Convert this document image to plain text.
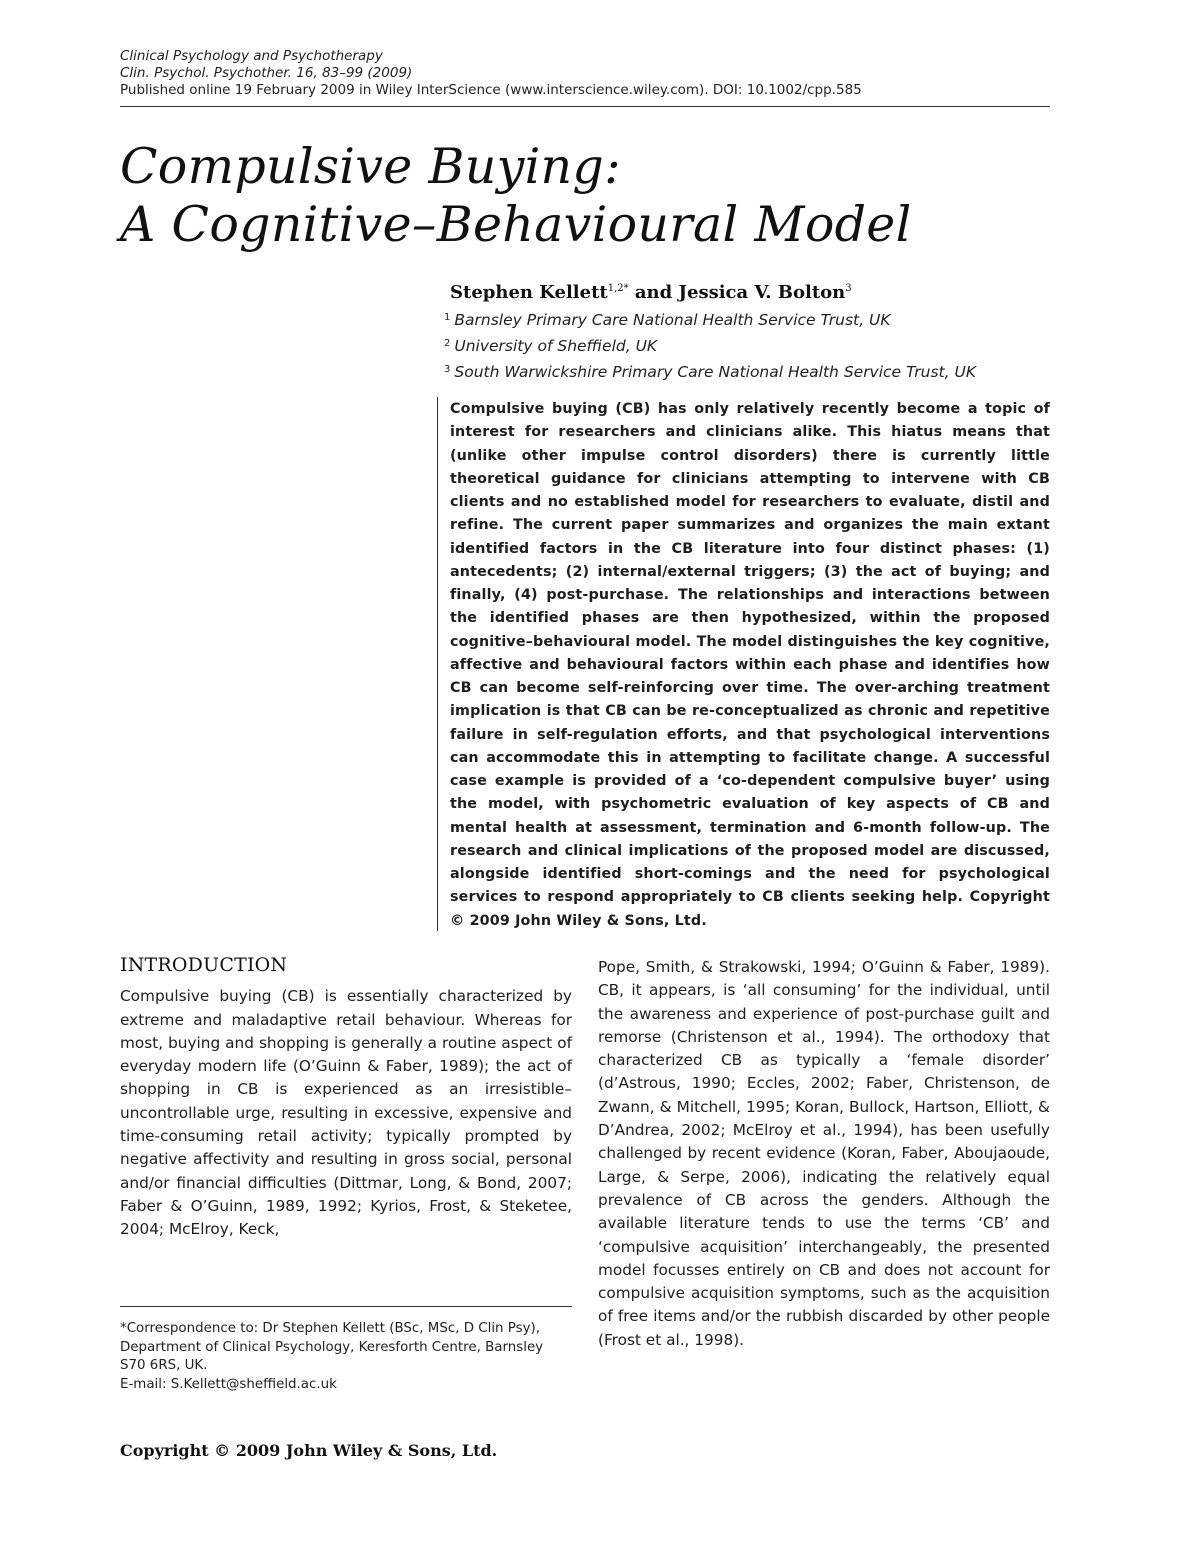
Clinical Psychology and Psychotherapy
Clin. Psychol. Psychother. 16, 83–99 (2009)
Published online 19 February 2009 in Wiley InterScience (www.interscience.wiley.com). DOI: 10.1002/cpp.585
Compulsive Buying:
A Cognitive–Behavioural Model
Stephen Kellett$^{1,2*}$ and Jessica V. Bolton$^3$
$^1$ Barnsley Primary Care National Health Service Trust, UK
$^2$ University of Sheffield, UK
$^3$ South Warwickshire Primary Care National Health Service Trust, UK
Compulsive buying (CB) has only relatively recently become a topic of interest for researchers and clinicians alike. This hiatus means that (unlike other impulse control disorders) there is currently little theoretical guidance for clinicians attempting to intervene with CB clients and no established model for researchers to evaluate, distil and refine. The current paper summarizes and organizes the main extant identified factors in the CB literature into four distinct phases: (1) antecedents; (2) internal/external triggers; (3) the act of buying; and finally, (4) post-purchase. The relationships and interactions between the identified phases are then hypothesized, within the proposed cognitive–behavioural model. The model distinguishes the key cognitive, affective and behavioural factors within each phase and identifies how CB can become self-reinforcing over time. The over-arching treatment implication is that CB can be re-conceptualized as chronic and repetitive failure in self-regulation efforts, and that psychological interventions can accommodate this in attempting to facilitate change. A successful case example is provided of a ‘co-dependent compulsive buyer’ using the model, with psychometric evaluation of key aspects of CB and mental health at assessment, termination and 6-month follow-up. The research and clinical implications of the proposed model are discussed, alongside identified short-comings and the need for psychological services to respond appropriately to CB clients seeking help. Copyright © 2009 John Wiley & Sons, Ltd.
INTRODUCTION

Compulsive buying (CB) is essentially characterized by extreme and maladaptive retail behaviour. Whereas for most, buying and shopping is generally a routine aspect of everyday modern life (O’Guinn & Faber, 1989); the act of shopping in CB is experienced as an irresistible–uncontrollable urge, resulting in excessive, expensive and time-consuming retail activity; typically prompted by negative affectivity and resulting in gross social, personal and/or financial difficulties (Dittmar, Long, & Bond, 2007; Faber & O’Guinn, 1989, 1992; Kyrios, Frost, & Steketee, 2004; McElroy, Keck,

Pope, Smith, & Strakowski, 1994; O’Guinn & Faber, 1989). CB, it appears, is ‘all consuming’ for the individual, until the awareness and experience of post-purchase guilt and remorse (Christenson et al., 1994). The orthodoxy that characterized CB as typically a ‘female disorder’ (d’Astrous, 1990; Eccles, 2002; Faber, Christenson, de Zwann, & Mitchell, 1995; Koran, Bullock, Hartson, Elliott, & D’Andrea, 2002; McElroy et al., 1994), has been usefully challenged by recent evidence (Koran, Faber, Aboujaoude, Large, & Serpe, 2006), indicating the relatively equal prevalence of CB across the genders. Although the available literature tends to use the terms ‘CB’ and ‘compulsive acquisition’ interchangeably, the presented model focusses entirely on CB and does not account for compulsive acquisition symptoms, such as the acquisition of free items and/or the rubbish discarded by other people (Frost et al., 1998).

*Correspondence to: Dr Stephen Kellett (BSc, MSc, D Clin Psy), Department of Clinical Psychology, Keresforth Centre, Barnsley S70 6RS, UK.
E-mail: S.Kellett@sheffield.ac.uk
Copyright © 2009 John Wiley & Sons, Ltd.
